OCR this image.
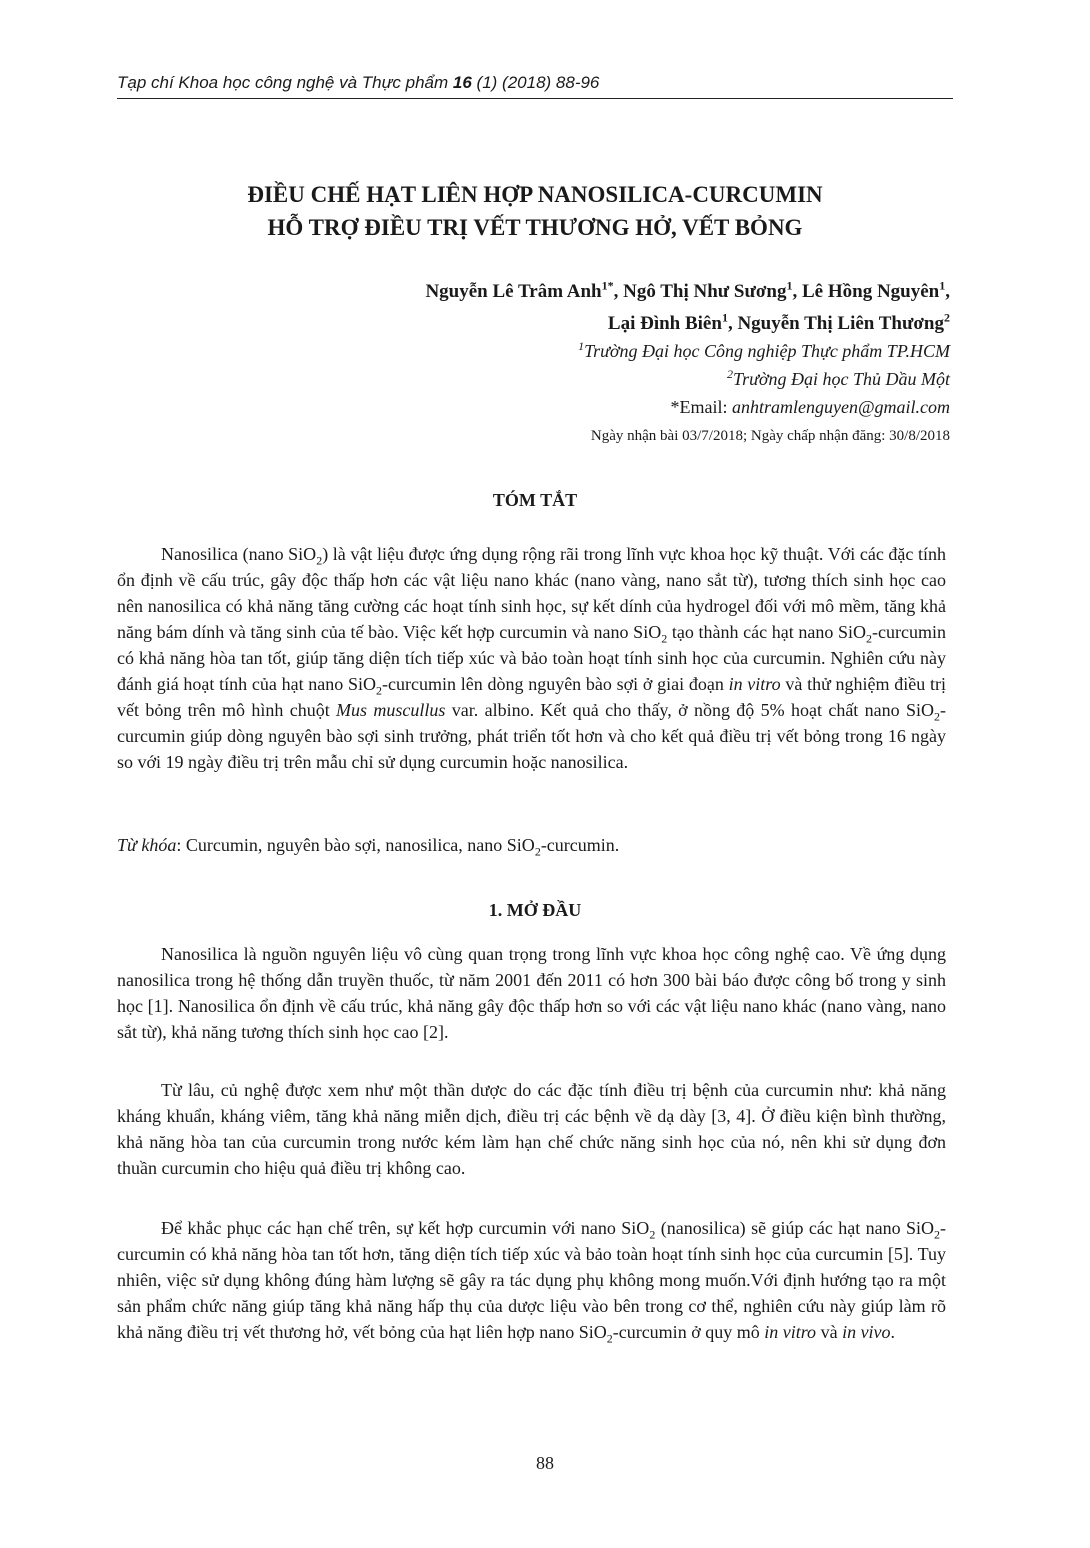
Tạp chí Khoa học công nghệ và Thực phẩm 16 (1) (2018) 88-96
ĐIỀU CHẾ HẠT LIÊN HỢP NANOSILICA-CURCUMIN
HỖ TRỢ ĐIỀU TRỊ VẾT THƯƠNG HỞ, VẾT BỎNG
Nguyễn Lê Trâm Anh$^{1*}$, Ngô Thị Như Sương$^1$, Lê Hồng Nguyên$^1$,
Lại Đình Biên$^1$, Nguyễn Thị Liên Thương$^2$
$^1$Trường Đại học Công nghiệp Thực phẩm TP.HCM
$^2$Trường Đại học Thủ Dầu Một
*Email: anhtramlenguyen@gmail.com
Ngày nhận bài 03/7/2018; Ngày chấp nhận đăng: 30/8/2018
TÓM TẮT

Nanosilica (nano SiO$_2$) là vật liệu được ứng dụng rộng rãi trong lĩnh vực khoa học kỹ thuật. Với các đặc tính ổn định về cấu trúc, gây độc thấp hơn các vật liệu nano khác (nano vàng, nano sắt từ), tương thích sinh học cao nên nanosilica có khả năng tăng cường các hoạt tính sinh học, sự kết dính của hydrogel đối với mô mềm, tăng khả năng bám dính và tăng sinh của tế bào. Việc kết hợp curcumin và nano SiO$_2$ tạo thành các hạt nano SiO$_2$-curcumin có khả năng hòa tan tốt, giúp tăng diện tích tiếp xúc và bảo toàn hoạt tính sinh học của curcumin. Nghiên cứu này đánh giá hoạt tính của hạt nano SiO$_2$-curcumin lên dòng nguyên bào sợi ở giai đoạn in vitro và thử nghiệm điều trị vết bỏng trên mô hình chuột Mus muscullus var. albino. Kết quả cho thấy, ở nồng độ 5% hoạt chất nano SiO$_2$-curcumin giúp dòng nguyên bào sợi sinh trưởng, phát triển tốt hơn và cho kết quả điều trị vết bỏng trong 16 ngày so với 19 ngày điều trị trên mẫu chỉ sử dụng curcumin hoặc nanosilica.

Từ khóa: Curcumin, nguyên bào sợi, nanosilica, nano SiO$_2$-curcumin.
1. MỞ ĐẦU

Nanosilica là nguồn nguyên liệu vô cùng quan trọng trong lĩnh vực khoa học công nghệ cao. Về ứng dụng nanosilica trong hệ thống dẫn truyền thuốc, từ năm 2001 đến 2011 có hơn 300 bài báo được công bố trong y sinh học [1]. Nanosilica ổn định về cấu trúc, khả năng gây độc thấp hơn so với các vật liệu nano khác (nano vàng, nano sắt từ), khả năng tương thích sinh học cao [2].

Từ lâu, củ nghệ được xem như một thần dược do các đặc tính điều trị bệnh của curcumin như: khả năng kháng khuẩn, kháng viêm, tăng khả năng miễn dịch, điều trị các bệnh về dạ dày [3, 4]. Ở điều kiện bình thường, khả năng hòa tan của curcumin trong nước kém làm hạn chế chức năng sinh học của nó, nên khi sử dụng đơn thuần curcumin cho hiệu quả điều trị không cao.

Để khắc phục các hạn chế trên, sự kết hợp curcumin với nano SiO$_2$ (nanosilica) sẽ giúp các hạt nano SiO$_2$-curcumin có khả năng hòa tan tốt hơn, tăng diện tích tiếp xúc và bảo toàn hoạt tính sinh học của curcumin [5]. Tuy nhiên, việc sử dụng không đúng hàm lượng sẽ gây ra tác dụng phụ không mong muốn.Với định hướng tạo ra một sản phẩm chức năng giúp tăng khả năng hấp thụ của dược liệu vào bên trong cơ thể, nghiên cứu này giúp làm rõ khả năng điều trị vết thương hở, vết bỏng của hạt liên hợp nano SiO$_2$-curcumin ở quy mô in vitro và in vivo.

88
